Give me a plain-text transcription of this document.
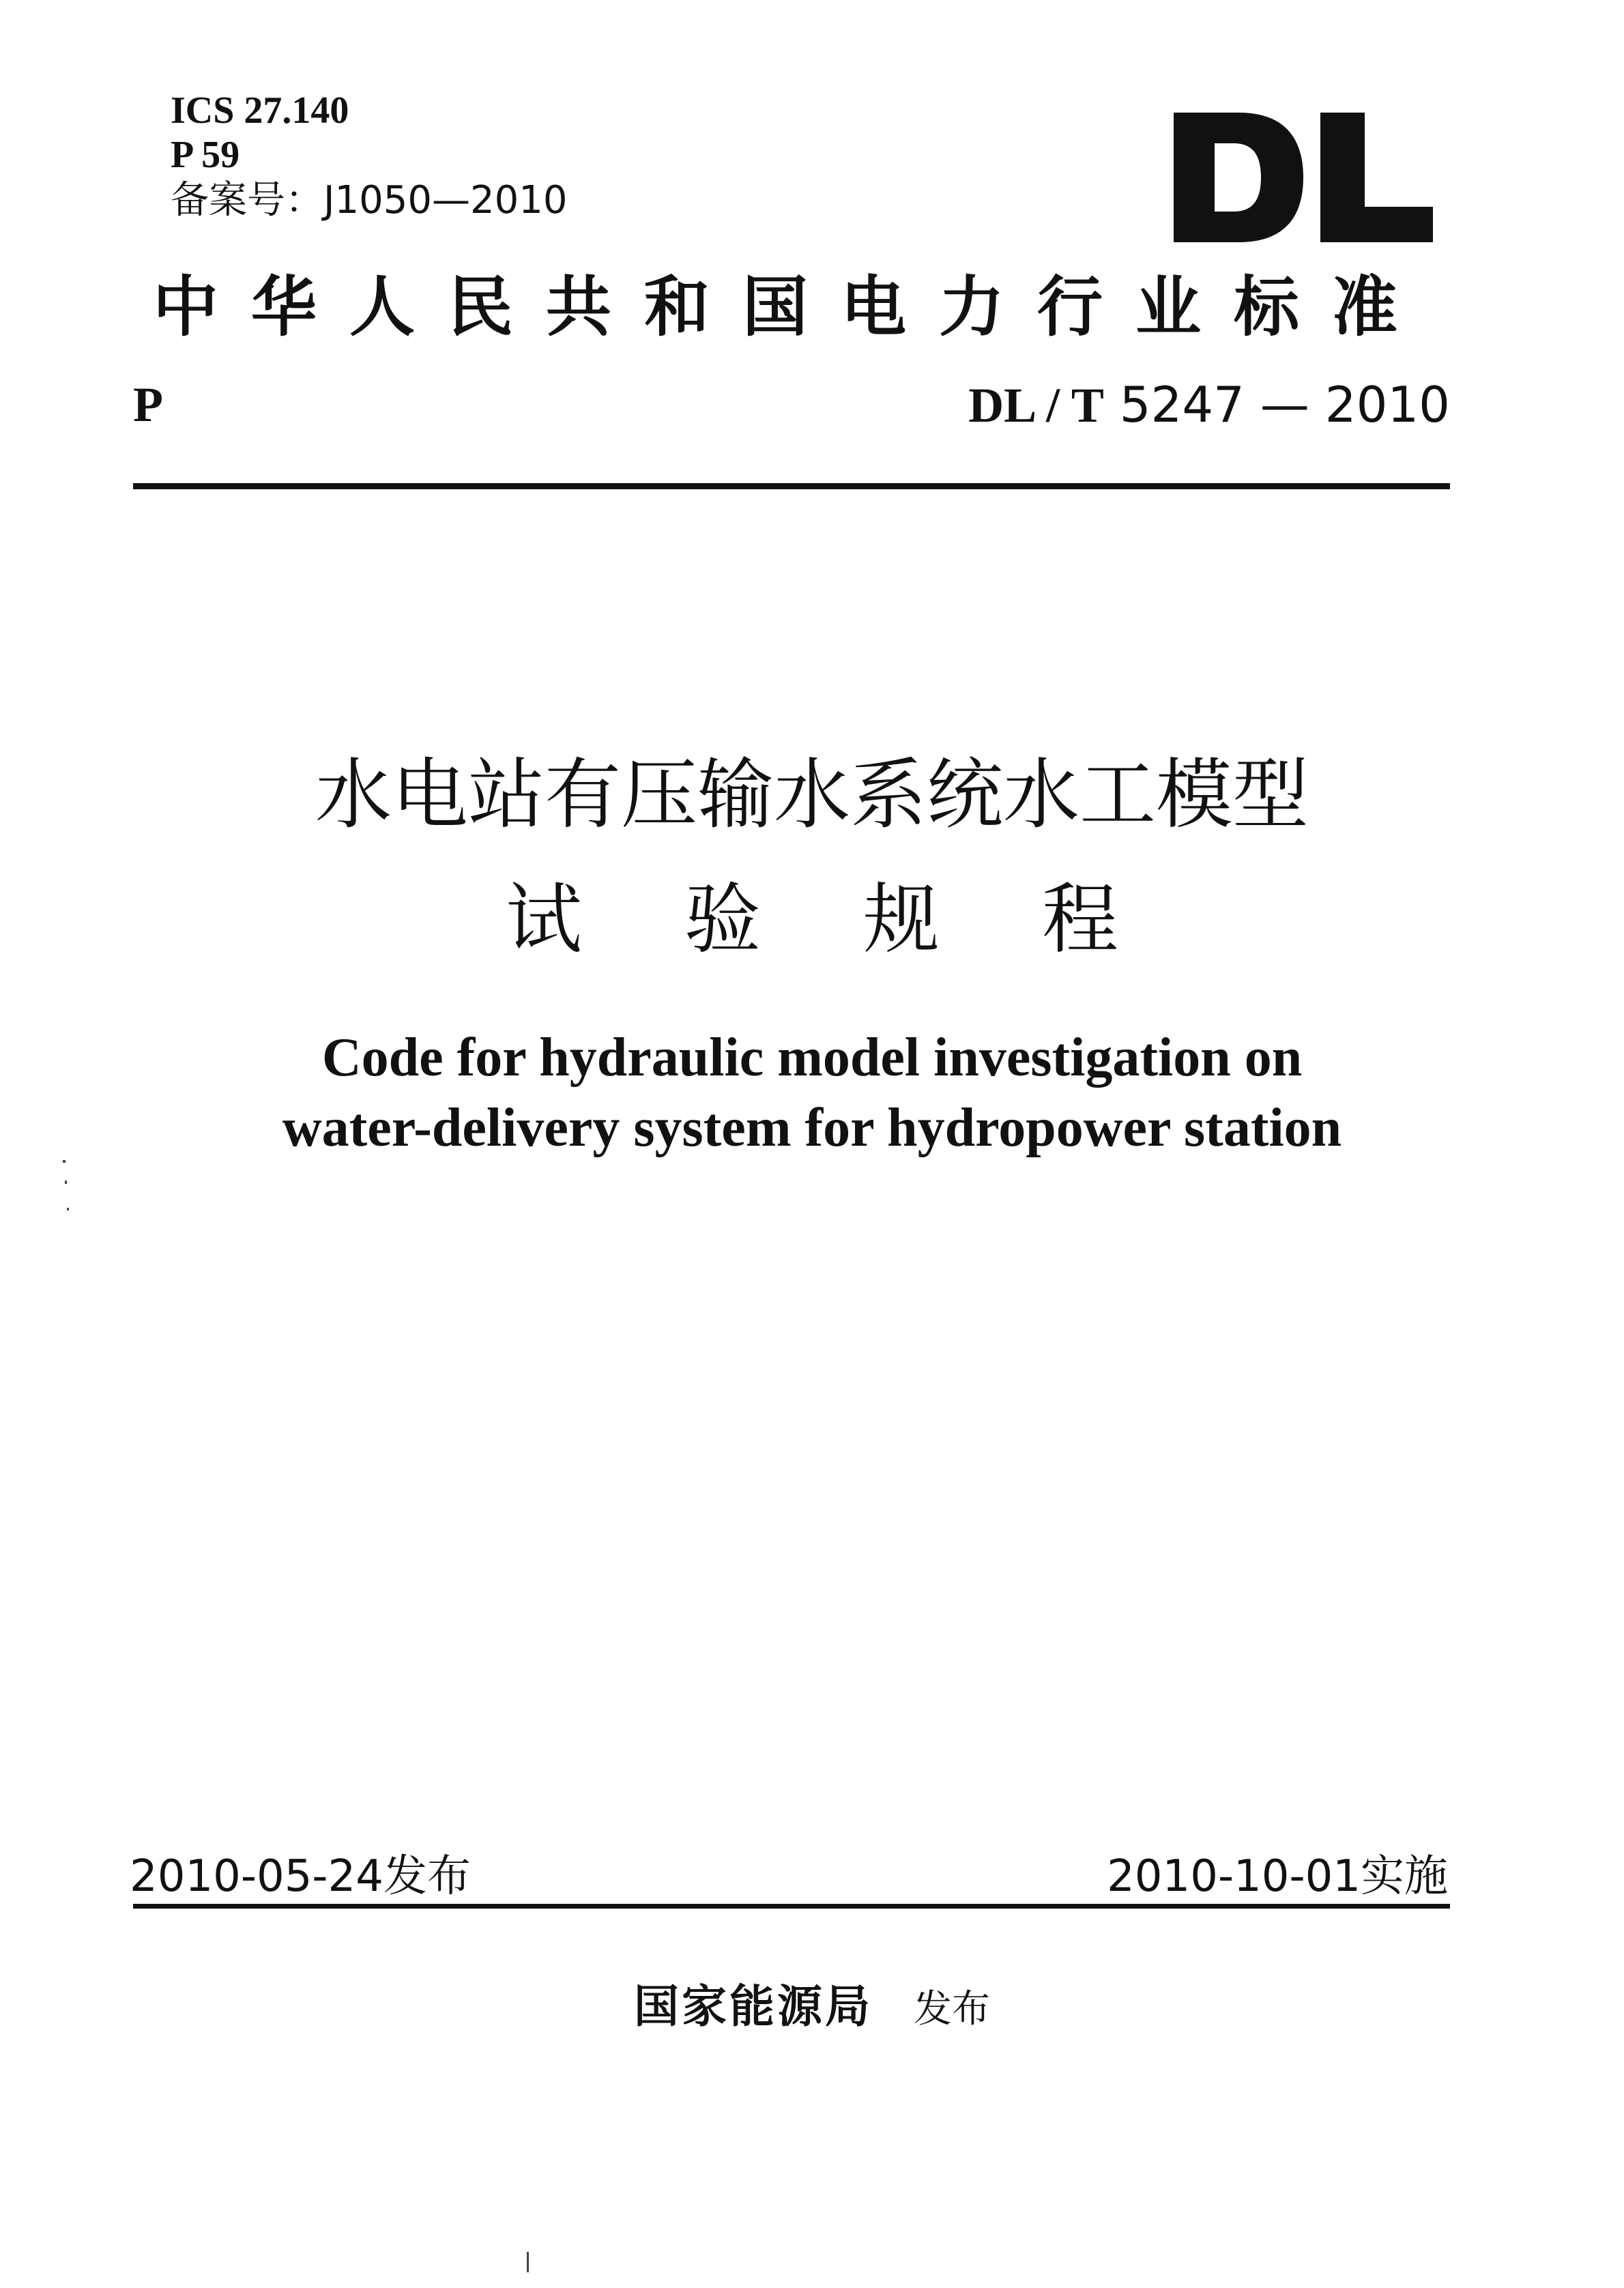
ICS 27.140
P 59
备案号：J1050—2010
中华人民共和国电力行业标准
P	DL / T 5247 — 2010
水电站有压输水系统水工模型
试验规程
Code for hydraulic model investigation on
water-delivery system for hydropower station
2010-05-24发布	2010-10-01实施
国家能源局 发布
